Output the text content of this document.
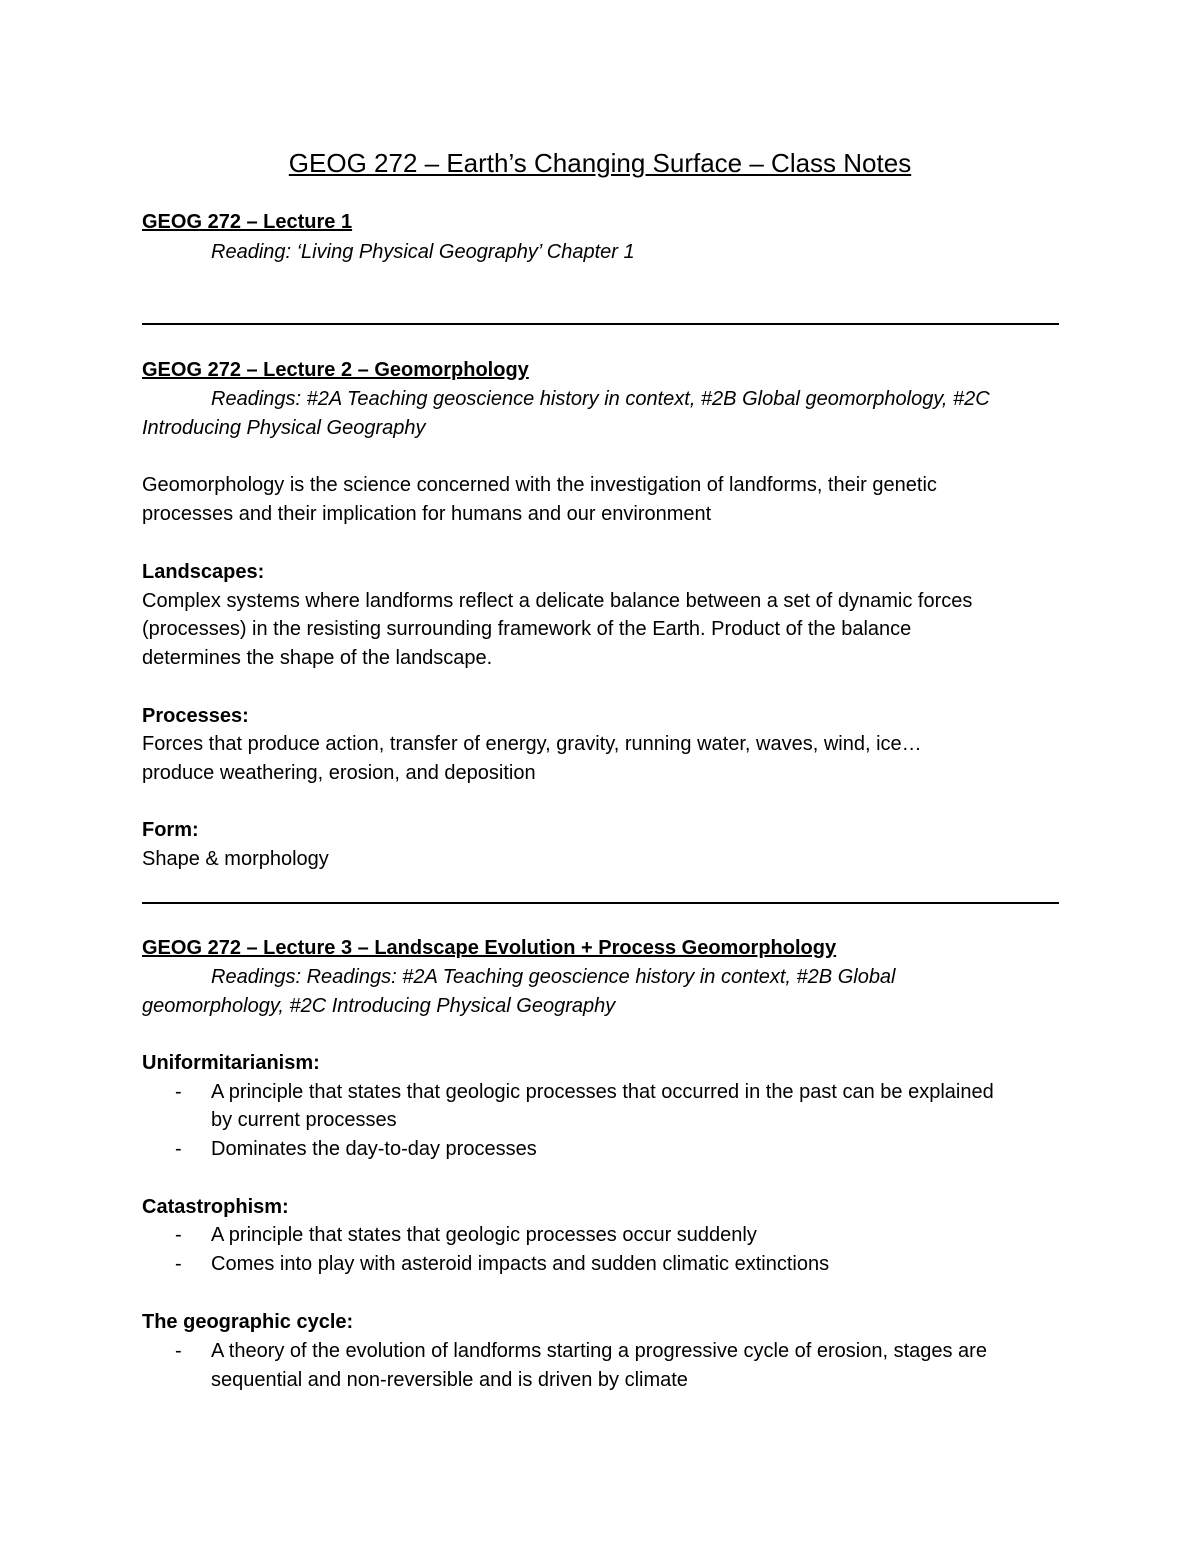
GEOG 272 – Earth’s Changing Surface – Class Notes
GEOG 272 – Lecture 1
Reading: ‘Living Physical Geography’ Chapter 1
GEOG 272 – Lecture 2 – Geomorphology
Readings: #2A Teaching geoscience history in context, #2B Global geomorphology, #2C
Introducing Physical Geography
Geomorphology is the science concerned with the investigation of landforms, their genetic
processes and their implication for humans and our environment
Landscapes:
Complex systems where landforms reflect a delicate balance between a set of dynamic forces
(processes) in the resisting surrounding framework of the Earth. Product of the balance
determines the shape of the landscape.
Processes:
Forces that produce action, transfer of energy, gravity, running water, waves, wind, ice…
produce weathering, erosion, and deposition
Form:
Shape & morphology
GEOG 272 – Lecture 3 – Landscape Evolution + Process Geomorphology
Readings: Readings: #2A Teaching geoscience history in context, #2B Global
geomorphology, #2C Introducing Physical Geography
Uniformitarianism:
- A principle that states that geologic processes that occurred in the past can be explained
by current processes
- Dominates the day-to-day processes
Catastrophism:
- A principle that states that geologic processes occur suddenly
- Comes into play with asteroid impacts and sudden climatic extinctions
The geographic cycle:
- A theory of the evolution of landforms starting a progressive cycle of erosion, stages are
sequential and non-reversible and is driven by climate
